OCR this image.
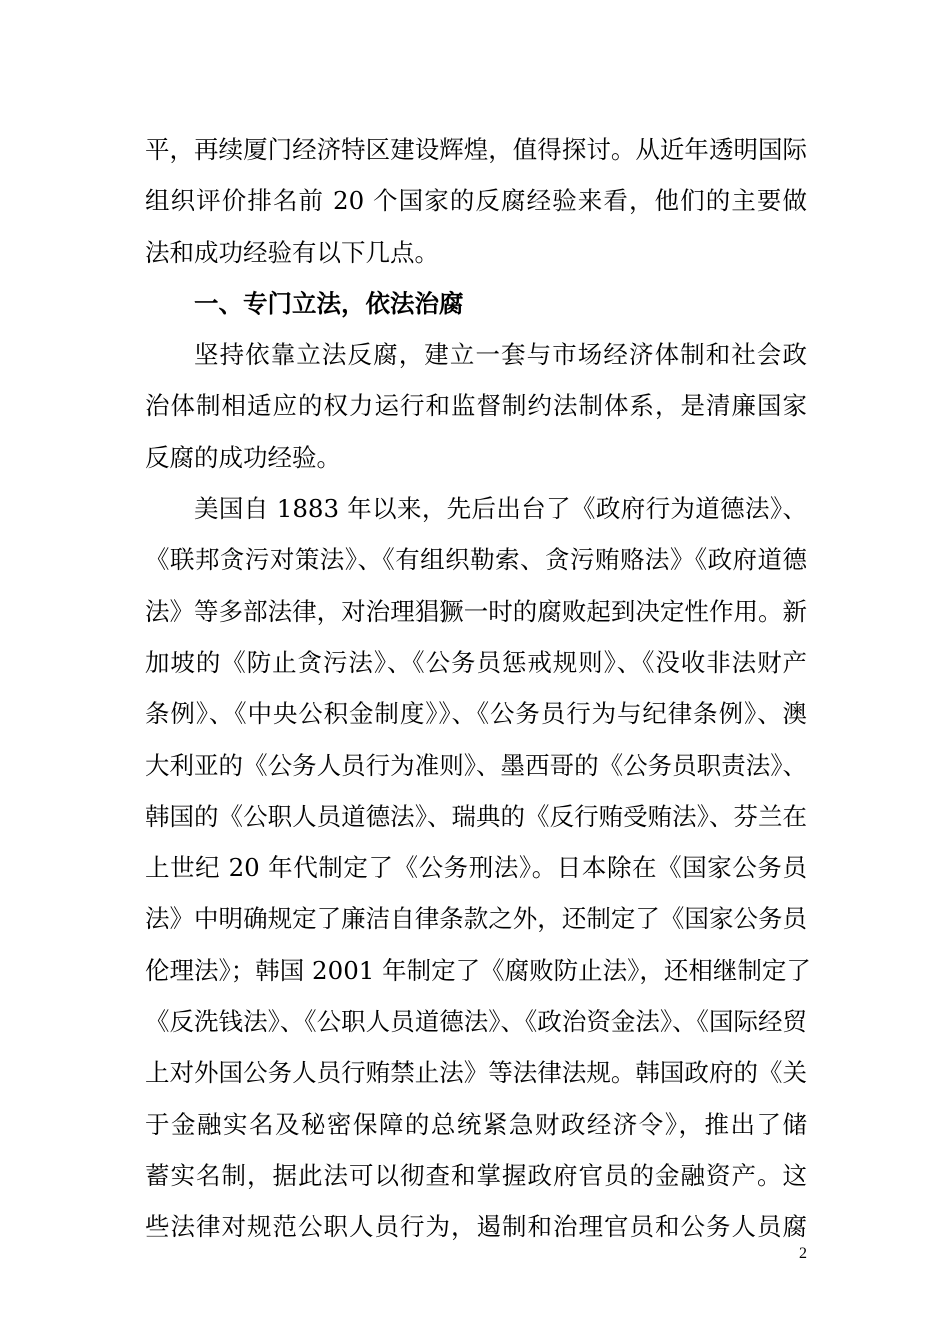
平，再续厦门经济特区建设辉煌，值得探讨。从近年透明国际
组织评价排名前 20 个国家的反腐经验来看，他们的主要做
法和成功经验有以下几点。
一、专门立法，依法治腐
坚持依靠立法反腐，建立一套与市场经济体制和社会政
治体制相适应的权力运行和监督制约法制体系，是清廉国家
反腐的成功经验。
美国自 1883 年以来，先后出台了《政府行为道德法》、
《联邦贪污对策法》、《有组织勒索、贪污贿赂法》《政府道德
法》等多部法律，对治理猖獗一时的腐败起到决定性作用。新
加坡的《防止贪污法》、《公务员惩戒规则》、《没收非法财产
条例》、《中央公积金制度》》、《公务员行为与纪律条例》、澳
大利亚的《公务人员行为准则》、墨西哥的《公务员职责法》、
韩国的《公职人员道德法》、瑞典的《反行贿受贿法》、芬兰在
上世纪 20 年代制定了《公务刑法》。日本除在《国家公务员
法》中明确规定了廉洁自律条款之外，还制定了《国家公务员
伦理法》；韩国 2001 年制定了《腐败防止法》，还相继制定了
《反洗钱法》、《公职人员道德法》、《政治资金法》、《国际经贸
上对外国公务人员行贿禁止法》等法律法规。韩国政府的《关
于金融实名及秘密保障的总统紧急财政经济令》，推出了储
蓄实名制，据此法可以彻查和掌握政府官员的金融资产。这
些法律对规范公职人员行为，遏制和治理官员和公务人员腐
2
